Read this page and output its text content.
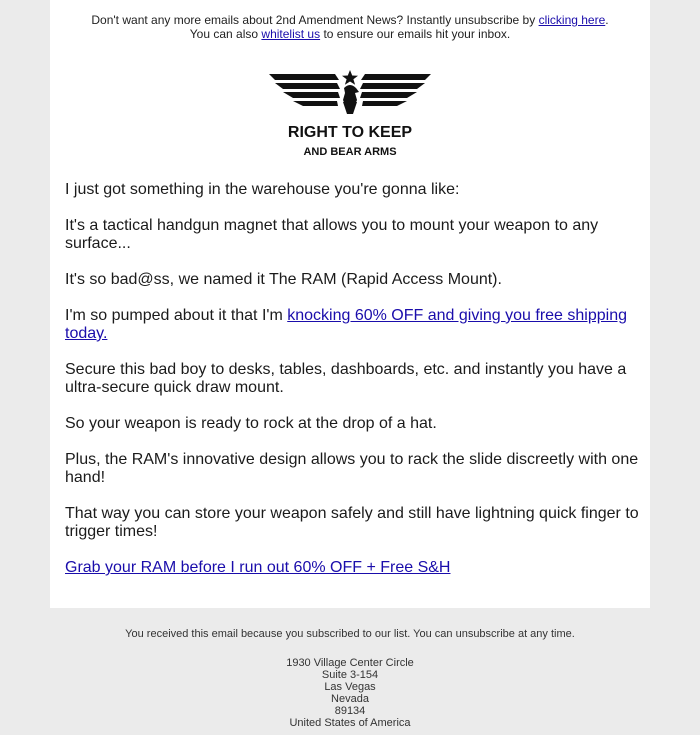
Don't want any more emails about 2nd Amendment News? Instantly unsubscribe by clicking here.
You can also whitelist us to ensure our emails hit your inbox.
RIGHT TO KEEP
AND BEAR ARMS

I just got something in the warehouse you're gonna like:

It's a tactical handgun magnet that allows you to mount your weapon to any surface...

It's so bad@ss, we named it The RAM (Rapid Access Mount).

I'm so pumped about it that I'm knocking 60% OFF and giving you free shipping today.

Secure this bad boy to desks, tables, dashboards, etc. and instantly you have a ultra-secure quick draw mount.

So your weapon is ready to rock at the drop of a hat.

Plus, the RAM's innovative design allows you to rack the slide discreetly with one hand!

That way you can store your weapon safely and still have lightning quick finger to trigger times!

Grab your RAM before I run out 60% OFF + Free S&H

You received this email because you subscribed to our list. You can unsubscribe at any time.
1930 Village Center Circle
Suite 3-154
Las Vegas
Nevada
89134
United States of America
